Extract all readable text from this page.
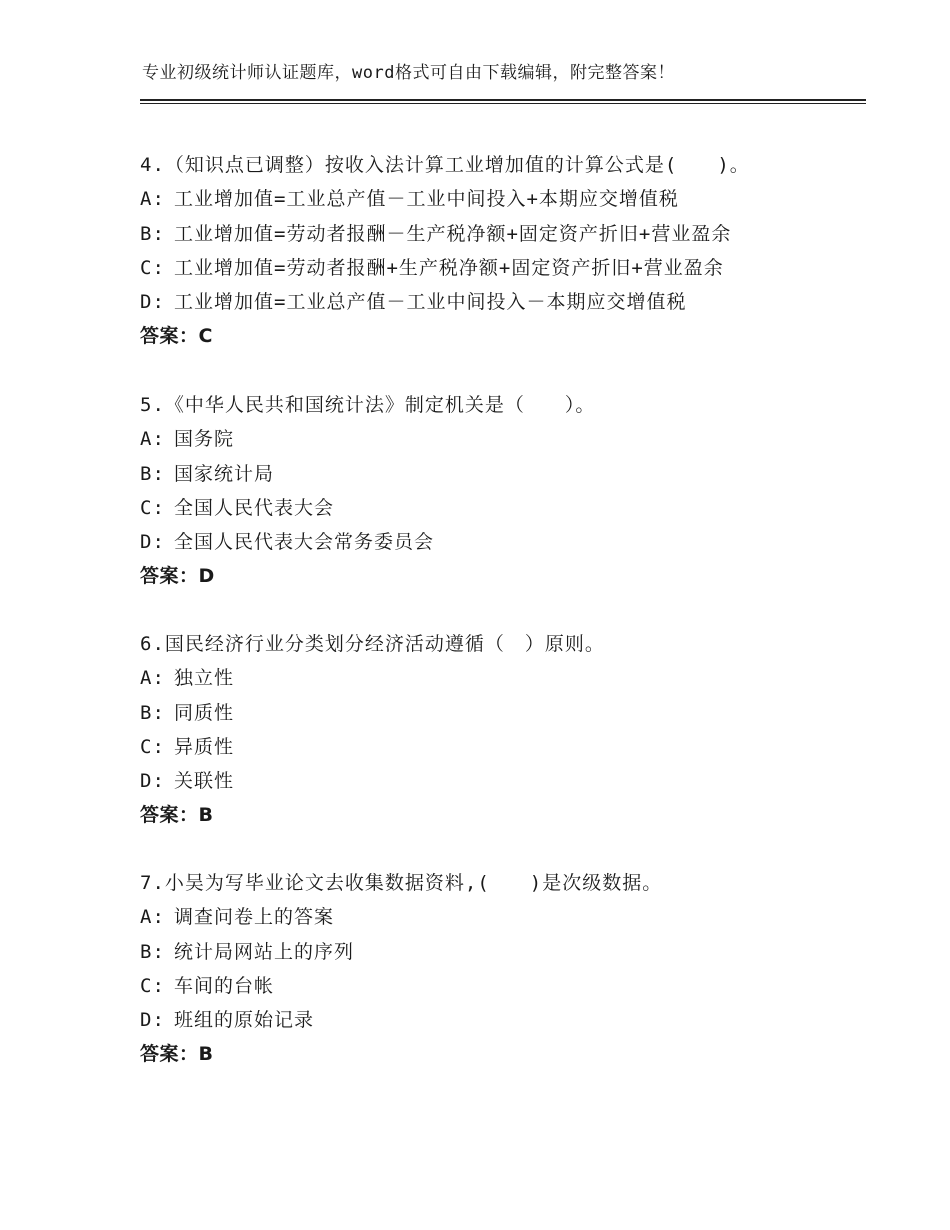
专业初级统计师认证题库，word格式可自由下载编辑，附完整答案！
4.（知识点已调整）按收入法计算工业增加值的计算公式是(　　)。
A: 工业增加值=工业总产值－工业中间投入+本期应交增值税
B: 工业增加值=劳动者报酬－生产税净额+固定资产折旧+营业盈余
C: 工业增加值=劳动者报酬+生产税净额+固定资产折旧+营业盈余
D: 工业增加值=工业总产值－工业中间投入－本期应交增值税
答案：C
5.《中华人民共和国统计法》制定机关是（　　）。
A: 国务院
B: 国家统计局
C: 全国人民代表大会
D: 全国人民代表大会常务委员会
答案：D
6.国民经济行业分类划分经济活动遵循（　）原则。
A: 独立性
B: 同质性
C: 异质性
D: 关联性
答案：B
7.小吴为写毕业论文去收集数据资料,(　　)是次级数据。
A: 调查问卷上的答案
B: 统计局网站上的序列
C: 车间的台帐
D: 班组的原始记录
答案：B
